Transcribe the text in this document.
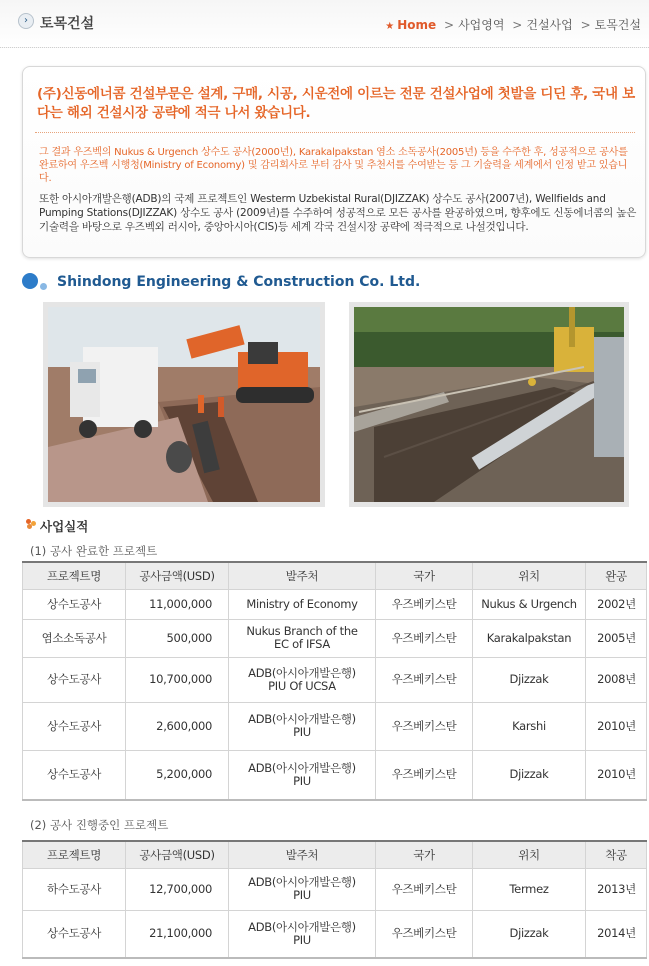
› 토목건설	★ Home > 사업영역 > 건설사업 > 토목건설
(주)신동에너콤 건설부문은 설계, 구매, 시공, 시운전에 이르는 전문 건설사업에 첫발을 디딘 후, 국내 보다는 해외 건설시장 공략에 적극 나서 왔습니다.
그 결과 우즈벡의 Nukus & Urgench 상수도 공사(2000년), Karakalpakstan 염소 소독공사(2005년) 등을 수주한 후, 성공적으로 공사를 완료하여 우즈벡 시행청(Ministry of Economy) 및 감리회사로 부터 감사 및 추천서를 수여받는 등 그 기술력을 세계에서 인정 받고 있습니다.
또한 아시아개발은행(ADB)의 국제 프로젝트인 Westerm Uzbekistal Rural(DJIZZAK) 상수도 공사(2007년), Wellfields and Pumping Stations(DJIZZAK) 상수도 공사 (2009년)를 수주하여 성공적으로 모든 공사를 완공하였으며, 향후에도 신동에너콤의 높은 기술력을 바탕으로 우즈벡외 러시아, 중앙아시아(CIS)등 세계 각국 건설시장 공략에 적극적으로 나설것입니다.
Shindong Engineering & Construction Co. Ltd.
사업실적
(1) 공사 완료한 프로젝트
프로젝트명	공사금액(USD)	발주처	국가	위치	완공
상수도공사	11,000,000	Ministry of Economy	우즈베키스탄	Nukus & Urgench	2002년
염소소독공사	500,000	Nukus Branch of the
EC of IFSA	우즈베키스탄	Karakalpakstan	2005년
상수도공사	10,700,000	ADB(아시아개발은행)
PIU Of UCSA	우즈베키스탄	Djizzak	2008년
상수도공사	2,600,000	ADB(아시아개발은행)
PIU	우즈베키스탄	Karshi	2010년
상수도공사	5,200,000	ADB(아시아개발은행)
PIU	우즈베키스탄	Djizzak	2010년
(2) 공사 진행중인 프로젝트
프로젝트명	공사금액(USD)	발주처	국가	위치	착공
하수도공사	12,700,000	ADB(아시아개발은행)
PIU	우즈베키스탄	Termez	2013년
상수도공사	21,100,000	ADB(아시아개발은행)
PIU	우즈베키스탄	Djizzak	2014년
